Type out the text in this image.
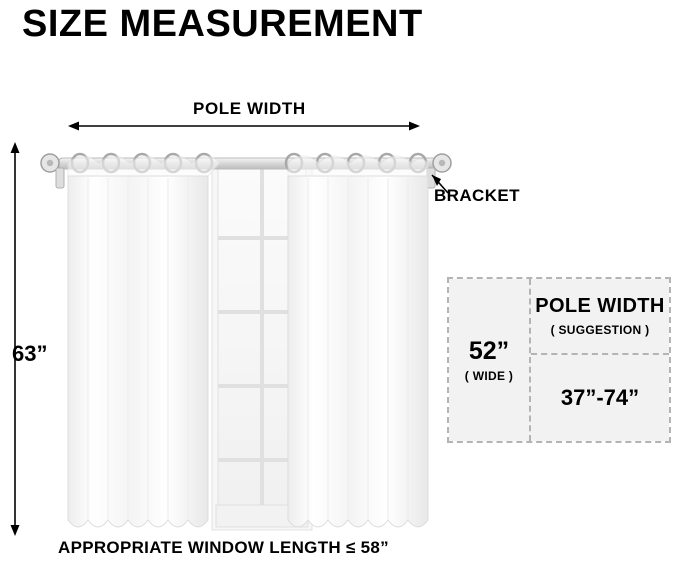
SIZE MEASUREMENT
POLE WIDTH
63”
BRACKET
APPROPRIATE WINDOW LENGTH ≤ 58”
52”
( WIDE )
POLE WIDTH
( SUGGESTION )
37”-74”
